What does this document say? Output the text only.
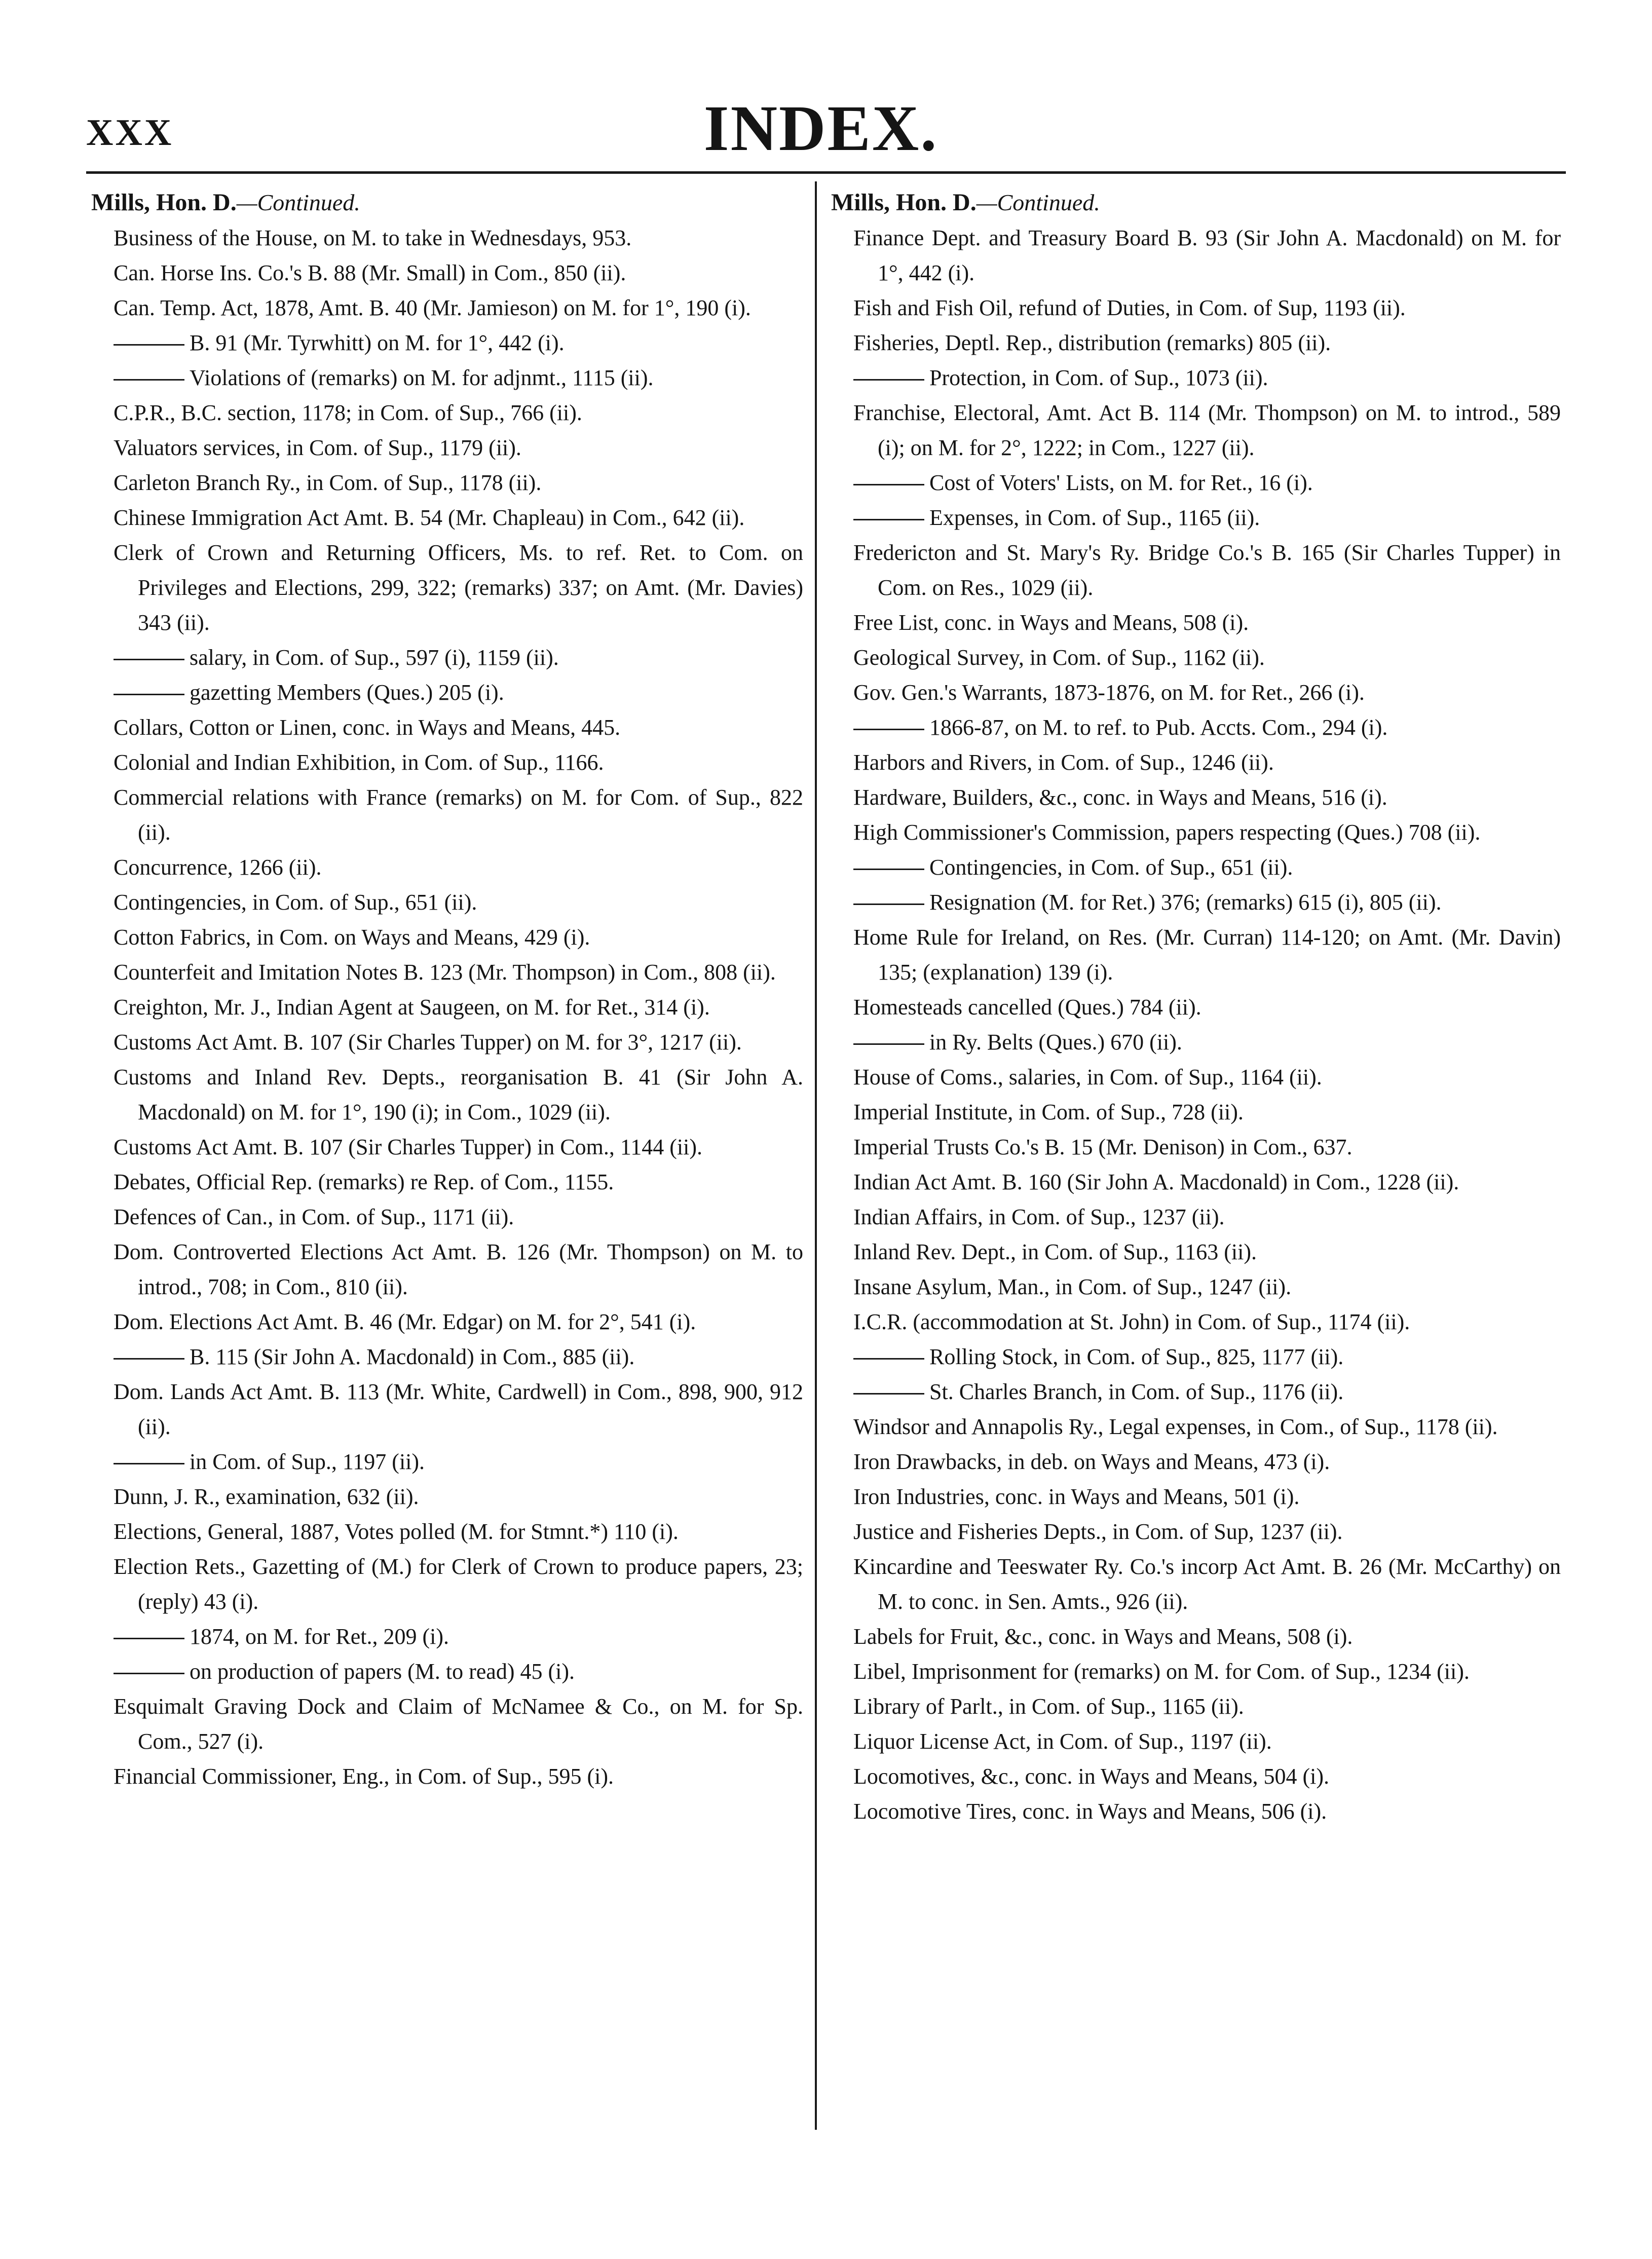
XXX	INDEX.
Mills, Hon. D.—Continued.
Business of the House, on M. to take in Wednesdays, 953.
Can. Horse Ins. Co.'s B. 88 (Mr. Small) in Com., 850 (ii).
Can. Temp. Act, 1878, Amt. B. 40 (Mr. Jamieson) on M. for 1°, 190 (i).
B. 91 (Mr. Tyrwhitt) on M. for 1°, 442 (i).
Violations of (remarks) on M. for adjnmt., 1115 (ii).
C.P.R., B.C. section, 1178; in Com. of Sup., 766 (ii).
Valuators services, in Com. of Sup., 1179 (ii).
Carleton Branch Ry., in Com. of Sup., 1178 (ii).
Chinese Immigration Act Amt. B. 54 (Mr. Chapleau) in Com., 642 (ii).
Clerk of Crown and Returning Officers, Ms. to ref. Ret. to Com. on Privileges and Elections, 299, 322; (remarks) 337; on Amt. (Mr. Davies) 343 (ii).
salary, in Com. of Sup., 597 (i), 1159 (ii).
gazetting Members (Ques.) 205 (i).
Collars, Cotton or Linen, conc. in Ways and Means, 445.
Colonial and Indian Exhibition, in Com. of Sup., 1166.
Commercial relations with France (remarks) on M. for Com. of Sup., 822 (ii).
Concurrence, 1266 (ii).
Contingencies, in Com. of Sup., 651 (ii).
Cotton Fabrics, in Com. on Ways and Means, 429 (i).
Counterfeit and Imitation Notes B. 123 (Mr. Thompson) in Com., 808 (ii).
Creighton, Mr. J., Indian Agent at Saugeen, on M. for Ret., 314 (i).
Customs Act Amt. B. 107 (Sir Charles Tupper) on M. for 3°, 1217 (ii).
Customs and Inland Rev. Depts., reorganisation B. 41 (Sir John A. Macdonald) on M. for 1°, 190 (i); in Com., 1029 (ii).
Customs Act Amt. B. 107 (Sir Charles Tupper) in Com., 1144 (ii).
Debates, Official Rep. (remarks) re Rep. of Com., 1155.
Defences of Can., in Com. of Sup., 1171 (ii).
Dom. Controverted Elections Act Amt. B. 126 (Mr. Thompson) on M. to introd., 708; in Com., 810 (ii).
Dom. Elections Act Amt. B. 46 (Mr. Edgar) on M. for 2°, 541 (i).
B. 115 (Sir John A. Macdonald) in Com., 885 (ii).
Dom. Lands Act Amt. B. 113 (Mr. White, Cardwell) in Com., 898, 900, 912 (ii).
in Com. of Sup., 1197 (ii).
Dunn, J. R., examination, 632 (ii).
Elections, General, 1887, Votes polled (M. for Stmnt.*) 110 (i).
Election Rets., Gazetting of (M.) for Clerk of Crown to produce papers, 23; (reply) 43 (i).
1874, on M. for Ret., 209 (i).
on production of papers (M. to read) 45 (i).
Esquimalt Graving Dock and Claim of McNamee & Co., on M. for Sp. Com., 527 (i).
Financial Commissioner, Eng., in Com. of Sup., 595 (i).
Mills, Hon. D.—Continued.
Finance Dept. and Treasury Board B. 93 (Sir John A. Macdonald) on M. for 1°, 442 (i).
Fish and Fish Oil, refund of Duties, in Com. of Sup, 1193 (ii).
Fisheries, Deptl. Rep., distribution (remarks) 805 (ii).
Protection, in Com. of Sup., 1073 (ii).
Franchise, Electoral, Amt. Act B. 114 (Mr. Thompson) on M. to introd., 589 (i); on M. for 2°, 1222; in Com., 1227 (ii).
Cost of Voters' Lists, on M. for Ret., 16 (i).
Expenses, in Com. of Sup., 1165 (ii).
Fredericton and St. Mary's Ry. Bridge Co.'s B. 165 (Sir Charles Tupper) in Com. on Res., 1029 (ii).
Free List, conc. in Ways and Means, 508 (i).
Geological Survey, in Com. of Sup., 1162 (ii).
Gov. Gen.'s Warrants, 1873-1876, on M. for Ret., 266 (i).
1866-87, on M. to ref. to Pub. Accts. Com., 294 (i).
Harbors and Rivers, in Com. of Sup., 1246 (ii).
Hardware, Builders, &c., conc. in Ways and Means, 516 (i).
High Commissioner's Commission, papers respecting (Ques.) 708 (ii).
Contingencies, in Com. of Sup., 651 (ii).
Resignation (M. for Ret.) 376; (remarks) 615 (i), 805 (ii).
Home Rule for Ireland, on Res. (Mr. Curran) 114-120; on Amt. (Mr. Davin) 135; (explanation) 139 (i).
Homesteads cancelled (Ques.) 784 (ii).
in Ry. Belts (Ques.) 670 (ii).
House of Coms., salaries, in Com. of Sup., 1164 (ii).
Imperial Institute, in Com. of Sup., 728 (ii).
Imperial Trusts Co.'s B. 15 (Mr. Denison) in Com., 637.
Indian Act Amt. B. 160 (Sir John A. Macdonald) in Com., 1228 (ii).
Indian Affairs, in Com. of Sup., 1237 (ii).
Inland Rev. Dept., in Com. of Sup., 1163 (ii).
Insane Asylum, Man., in Com. of Sup., 1247 (ii).
I.C.R. (accommodation at St. John) in Com. of Sup., 1174 (ii).
Rolling Stock, in Com. of Sup., 825, 1177 (ii).
St. Charles Branch, in Com. of Sup., 1176 (ii).
Windsor and Annapolis Ry., Legal expenses, in Com., of Sup., 1178 (ii).
Iron Drawbacks, in deb. on Ways and Means, 473 (i).
Iron Industries, conc. in Ways and Means, 501 (i).
Justice and Fisheries Depts., in Com. of Sup, 1237 (ii).
Kincardine and Teeswater Ry. Co.'s incorp Act Amt. B. 26 (Mr. McCarthy) on M. to conc. in Sen. Amts., 926 (ii).
Labels for Fruit, &c., conc. in Ways and Means, 508 (i).
Libel, Imprisonment for (remarks) on M. for Com. of Sup., 1234 (ii).
Library of Parlt., in Com. of Sup., 1165 (ii).
Liquor License Act, in Com. of Sup., 1197 (ii).
Locomotives, &c., conc. in Ways and Means, 504 (i).
Locomotive Tires, conc. in Ways and Means, 506 (i).
